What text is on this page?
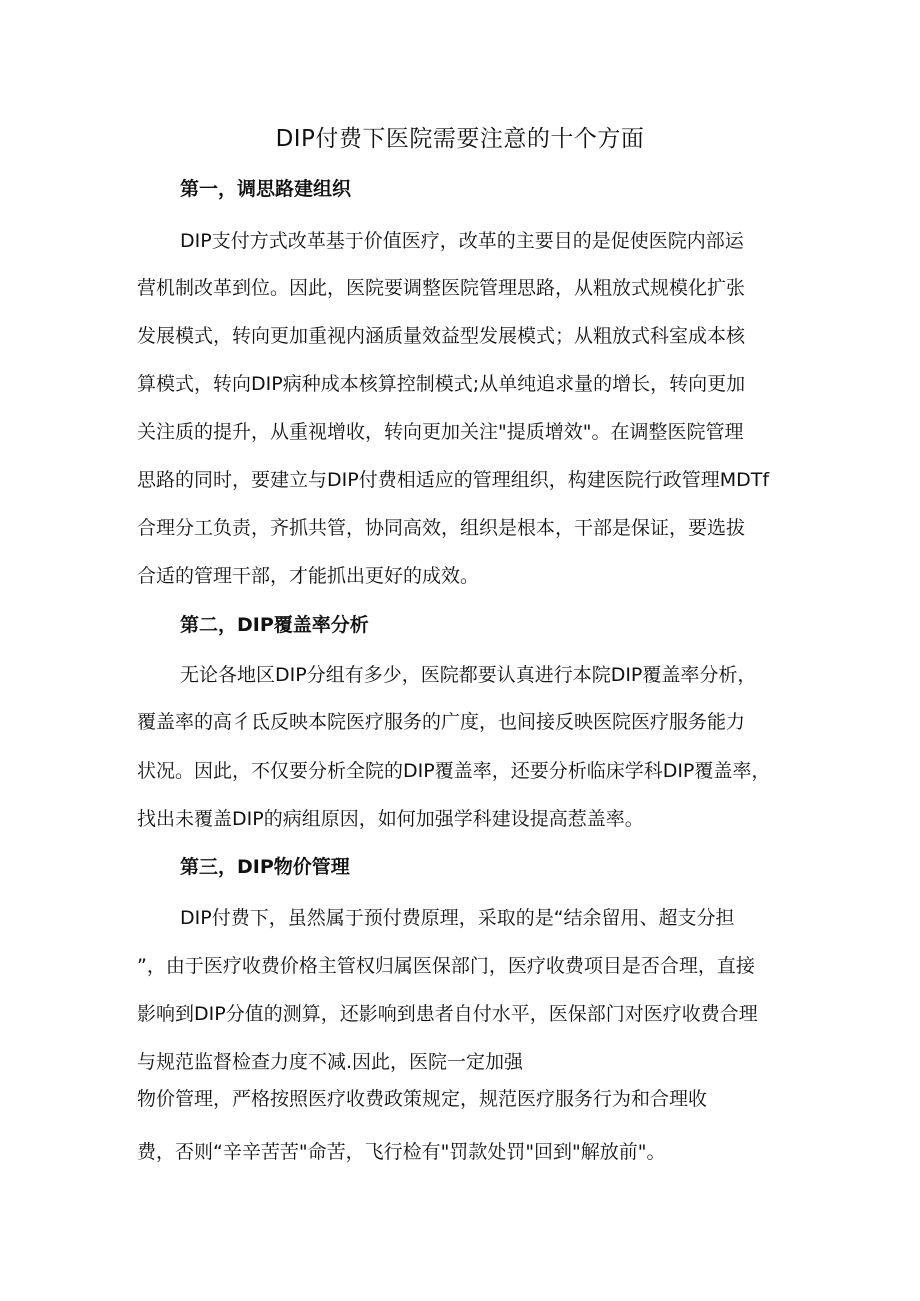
DIP付费下医院需要注意的十个方面
第一，调思路建组织

DIP支付方式改革基于价值医疗，改革的主要目的是促使医院内部运

营机制改革到位。因此，医院要调整医院管理思路，从粗放式规模化扩张

发展模式，转向更加重视内涵质量效益型发展模式；从粗放式科室成本核

算模式，转向DIP病种成本核算控制模式;从单纯追求量的增长，转向更加

关注质的提升，从重视增收，转向更加关注"提质增效"。在调整医院管理

思路的同时，要建立与DIP付费相适应的管理组织，构建医院行政管理MDTf

合理分工负责，齐抓共管，协同高效，组织是根本，干部是保证，要选拔

合适的管理干部，才能抓出更好的成效。

第二，DIP覆盖率分析

无论各地区DIP分组有多少，医院都要认真进行本院DIP覆盖率分析，

覆盖率的高彳氐反映本院医疗服务的广度，也间接反映医院医疗服务能力

状况。因此，不仅要分析全院的DIP覆盖率，还要分析临床学科DIP覆盖率，

找出未覆盖DIP的病组原因，如何加强学科建设提高惹盖率。

第三，DIP物价管理

DIP付费下，虽然属于预付费原理，采取的是“结余留用、超支分担

”，由于医疗收费价格主管权归属医保部门，医疗收费项目是否合理，直接

影响到DIP分值的测算，还影响到患者自付水平，医保部门对医疗收费合理

与规范监督检查力度不减.因此，医院一定加强

物价管理，严格按照医疗收费政策规定，规范医疗服务行为和合理收

费，否则“辛辛苦苦"命苦，飞行检有"罚款处罚"回到"解放前"。
